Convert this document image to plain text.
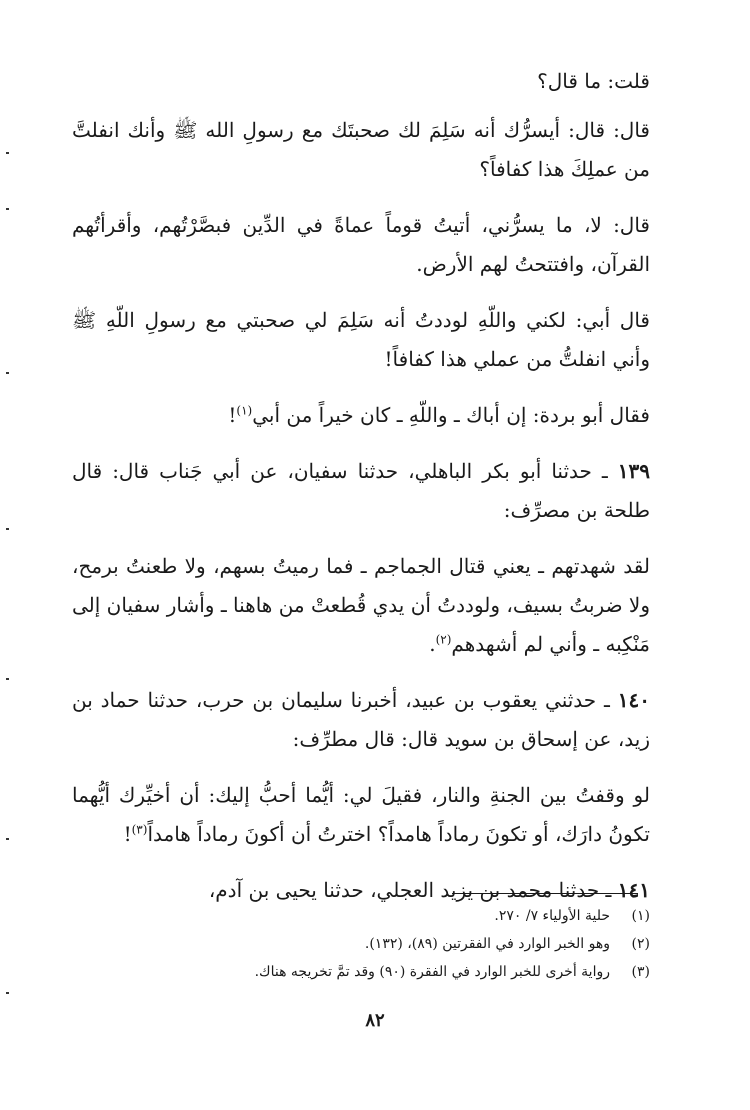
قلت: ما قال؟

قال: قال: أيسرُّك أنه سَلِمَ لك صحبتَك مع رسولِ الله ﷺ وأنك انفلتَّ من عملِكَ هذا كفافاً؟

قال: لا، ما يسرُّني، أتيتُ قوماً عماةً في الدِّين فبصَّرْتُهم، وأقرأتُهم القرآن، وافتتحتُ لهم الأرض.

قال أبي: لكني واللّهِ لوددتُ أنه سَلِمَ لي صحبتي مع رسولِ اللّهِ ﷺ وأني انفلتُّ من عملي هذا كفافاً!

فقال أبو بردة: إن أباك ـ واللّهِ ـ كان خيراً من أبي$^{(١)}$!

١٣٩ ـ حدثنا أبو بكر الباهلي، حدثنا سفيان، عن أبي جَناب قال: قال طلحة بن مصرِّف:

لقد شهدتهم ـ يعني قتال الجماجم ـ فما رميتُ بسهم، ولا طعنتُ برمح، ولا ضربتُ بسيف، ولوددتُ أن يدي قُطعتْ من هاهنا ـ وأشار سفيان إلى مَنْكِبه ـ وأني لم أشهدهم$^{(٢)}$.

١٤٠ ـ حدثني يعقوب بن عبيد، أخبرنا سليمان بن حرب، حدثنا حماد بن زيد، عن إسحاق بن سويد قال: قال مطرِّف:

لو وقفتُ بين الجنةِ والنار، فقيلَ لي: أيُّما أحبُّ إليك: أن أخيِّرك أيُّهما تكونُ دارَك، أو تكونَ رماداً هامداً؟ اخترتُ أن أكونَ رماداً هامداً$^{(٣)}$!

١٤١ ـ حدثنا محمد بن يزيد العجلي، حدثنا يحيى بن آدم،

(١)
حلية الأولياء ٧/ ٢٧٠.
(٢)
وهو الخبر الوارد في الفقرتين (٨٩)، (١٣٢).
(٣)
رواية أخرى للخبر الوارد في الفقرة (٩٠) وقد تمَّ تخريجه هناك.
٨٢
